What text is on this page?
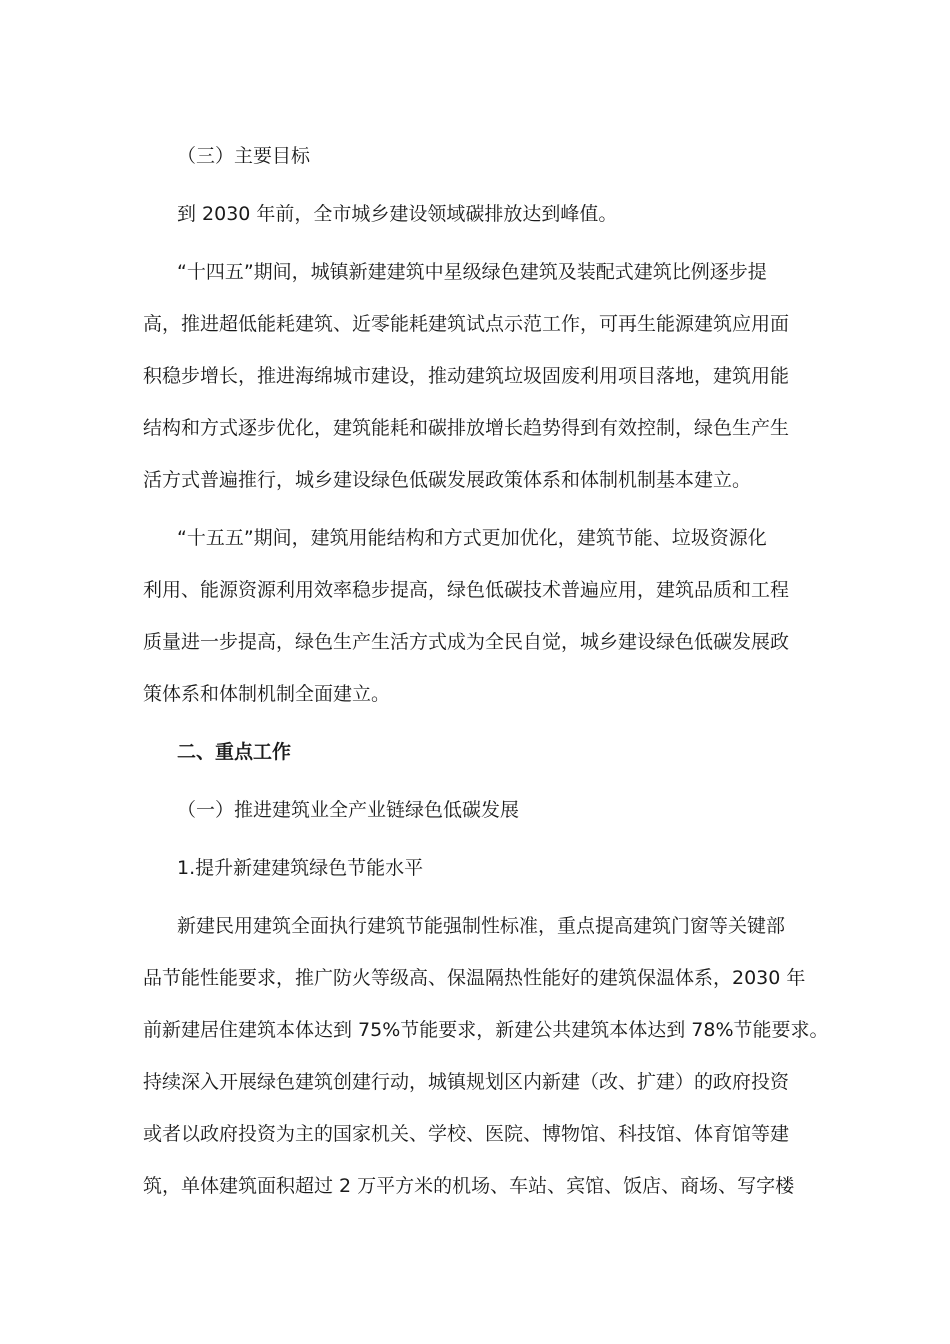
（三）主要目标
到 2030 年前，全市城乡建设领域碳排放达到峰值。
“十四五”期间，城镇新建建筑中星级绿色建筑及装配式建筑比例逐步提
高，推进超低能耗建筑、近零能耗建筑试点示范工作，可再生能源建筑应用面
积稳步增长，推进海绵城市建设，推动建筑垃圾固废利用项目落地，建筑用能
结构和方式逐步优化，建筑能耗和碳排放增长趋势得到有效控制，绿色生产生
活方式普遍推行，城乡建设绿色低碳发展政策体系和体制机制基本建立。
“十五五”期间，建筑用能结构和方式更加优化，建筑节能、垃圾资源化
利用、能源资源利用效率稳步提高，绿色低碳技术普遍应用，建筑品质和工程
质量进一步提高，绿色生产生活方式成为全民自觉，城乡建设绿色低碳发展政
策体系和体制机制全面建立。
二、重点工作
（一）推进建筑业全产业链绿色低碳发展
1.提升新建建筑绿色节能水平
新建民用建筑全面执行建筑节能强制性标准，重点提高建筑门窗等关键部
品节能性能要求，推广防火等级高、保温隔热性能好的建筑保温体系，2030 年
前新建居住建筑本体达到 75%节能要求，新建公共建筑本体达到 78%节能要求。
持续深入开展绿色建筑创建行动，城镇规划区内新建（改、扩建）的政府投资
或者以政府投资为主的国家机关、学校、医院、博物馆、科技馆、体育馆等建
筑，单体建筑面积超过 2 万平方米的机场、车站、宾馆、饭店、商场、写字楼
